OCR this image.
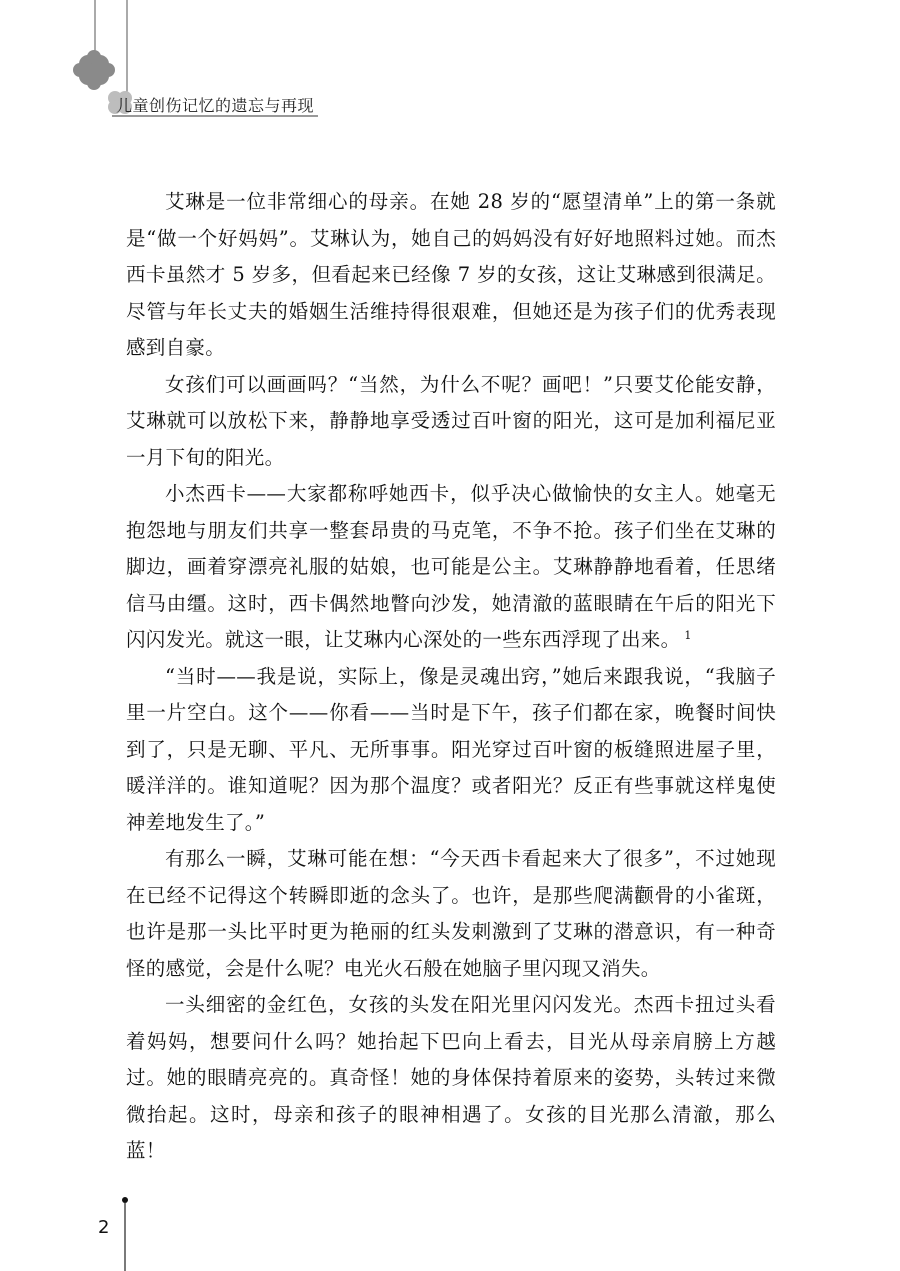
儿童创伤记忆的遗忘与再现

艾琳是一位非常细心的母亲。在她 28 岁的“愿望清单”上的第一条就是“做一个好妈妈”。艾琳认为，她自己的妈妈没有好好地照料过她。而杰西卡虽然才 5 岁多，但看起来已经像 7 岁的女孩，这让艾琳感到很满足。尽管与年长丈夫的婚姻生活维持得很艰难，但她还是为孩子们的优秀表现感到自豪。

女孩们可以画画吗？“当然，为什么不呢？画吧！”只要艾伦能安静，艾琳就可以放松下来，静静地享受透过百叶窗的阳光，这可是加利福尼亚一月下旬的阳光。

小杰西卡——大家都称呼她西卡，似乎决心做愉快的女主人。她毫无抱怨地与朋友们共享一整套昂贵的马克笔，不争不抢。孩子们坐在艾琳的脚边，画着穿漂亮礼服的姑娘，也可能是公主。艾琳静静地看着，任思绪信马由缰。这时，西卡偶然地瞥向沙发，她清澈的蓝眼睛在午后的阳光下闪闪发光。就这一眼，让艾琳内心深处的一些东西浮现了出来。 $^1$

“当时——我是说，实际上，像是灵魂出窍，”她后来跟我说，“我脑子里一片空白。这个——你看——当时是下午，孩子们都在家，晚餐时间快到了，只是无聊、平凡、无所事事。阳光穿过百叶窗的板缝照进屋子里，暖洋洋的。谁知道呢？因为那个温度？或者阳光？反正有些事就这样鬼使神差地发生了。”

有那么一瞬，艾琳可能在想：“今天西卡看起来大了很多”，不过她现在已经不记得这个转瞬即逝的念头了。也许，是那些爬满颧骨的小雀斑，也许是那一头比平时更为艳丽的红头发刺激到了艾琳的潜意识，有一种奇怪的感觉，会是什么呢？电光火石般在她脑子里闪现又消失。

一头细密的金红色，女孩的头发在阳光里闪闪发光。杰西卡扭过头看着妈妈，想要问什么吗？她抬起下巴向上看去，目光从母亲肩膀上方越过。她的眼睛亮亮的。真奇怪！她的身体保持着原来的姿势，头转过来微微抬起。这时，母亲和孩子的眼神相遇了。女孩的目光那么清澈，那么蓝！

2
